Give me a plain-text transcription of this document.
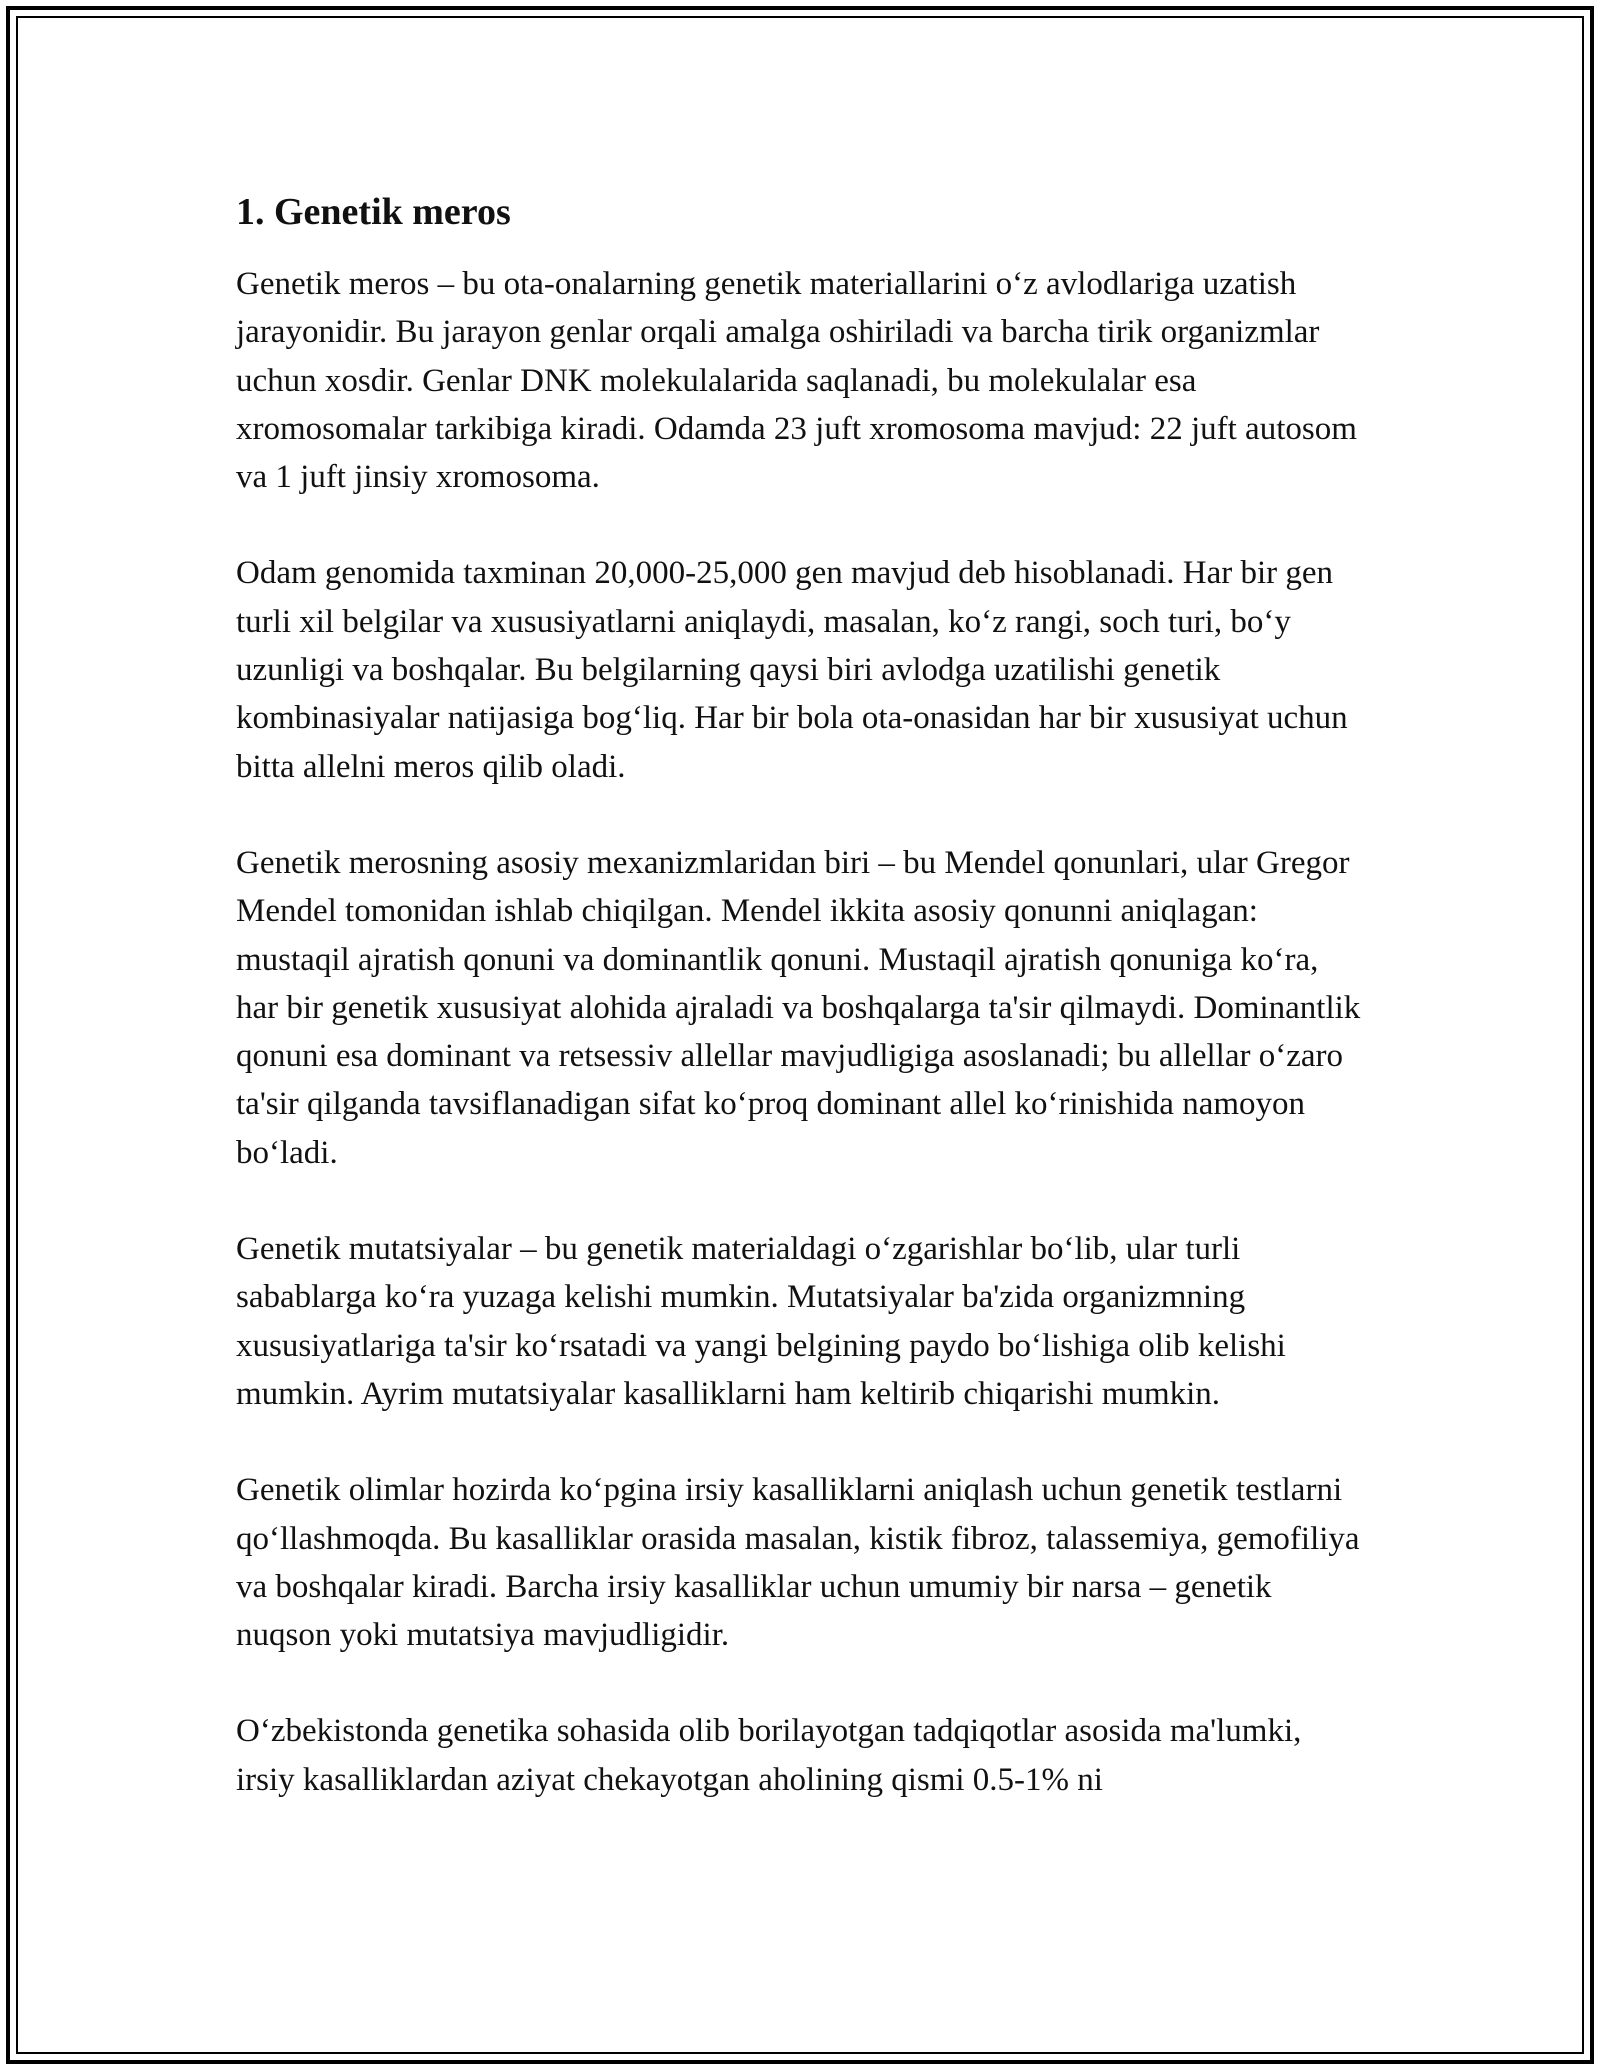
1. Genetik meros

Genetik meros – bu ota-onalarning genetik materiallarini o‘z avlodlariga uzatish jarayonidir. Bu jarayon genlar orqali amalga oshiriladi va barcha tirik organizmlar uchun xosdir. Genlar DNK molekulalarida saqlanadi, bu molekulalar esa xromosomalar tarkibiga kiradi. Odamda 23 juft xromosoma mavjud: 22 juft autosom va 1 juft jinsiy xromosoma.

Odam genomida taxminan 20,000-25,000 gen mavjud deb hisoblanadi. Har bir gen turli xil belgilar va xususiyatlarni aniqlaydi, masalan, ko‘z rangi, soch turi, bo‘y uzunligi va boshqalar. Bu belgilarning qaysi biri avlodga uzatilishi genetik kombinasiyalar natijasiga bog‘liq. Har bir bola ota-onasidan har bir xususiyat uchun bitta allelni meros qilib oladi.

Genetik merosning asosiy mexanizmlaridan biri – bu Mendel qonunlari, ular Gregor Mendel tomonidan ishlab chiqilgan. Mendel ikkita asosiy qonunni aniqlagan: mustaqil ajratish qonuni va dominantlik qonuni. Mustaqil ajratish qonuniga ko‘ra, har bir genetik xususiyat alohida ajraladi va boshqalarga ta'sir qilmaydi. Dominantlik qonuni esa dominant va retsessiv allellar mavjudligiga asoslanadi; bu allellar o‘zaro ta'sir qilganda tavsiflanadigan sifat ko‘proq dominant allel ko‘rinishida namoyon bo‘ladi.

Genetik mutatsiyalar – bu genetik materialdagi o‘zgarishlar bo‘lib, ular turli sabablarga ko‘ra yuzaga kelishi mumkin. Mutatsiyalar ba'zida organizmning xususiyatlariga ta'sir ko‘rsatadi va yangi belgining paydo bo‘lishiga olib kelishi mumkin. Ayrim mutatsiyalar kasalliklarni ham keltirib chiqarishi mumkin.

Genetik olimlar hozirda ko‘pgina irsiy kasalliklarni aniqlash uchun genetik testlarni qo‘llashmoqda. Bu kasalliklar orasida masalan, kistik fibroz, talassemiya, gemofiliya va boshqalar kiradi. Barcha irsiy kasalliklar uchun umumiy bir narsa – genetik nuqson yoki mutatsiya mavjudligidir.

O‘zbekistonda genetika sohasida olib borilayotgan tadqiqotlar asosida ma'lumki, irsiy kasalliklardan aziyat chekayotgan aholining qismi 0.5-1% ni
